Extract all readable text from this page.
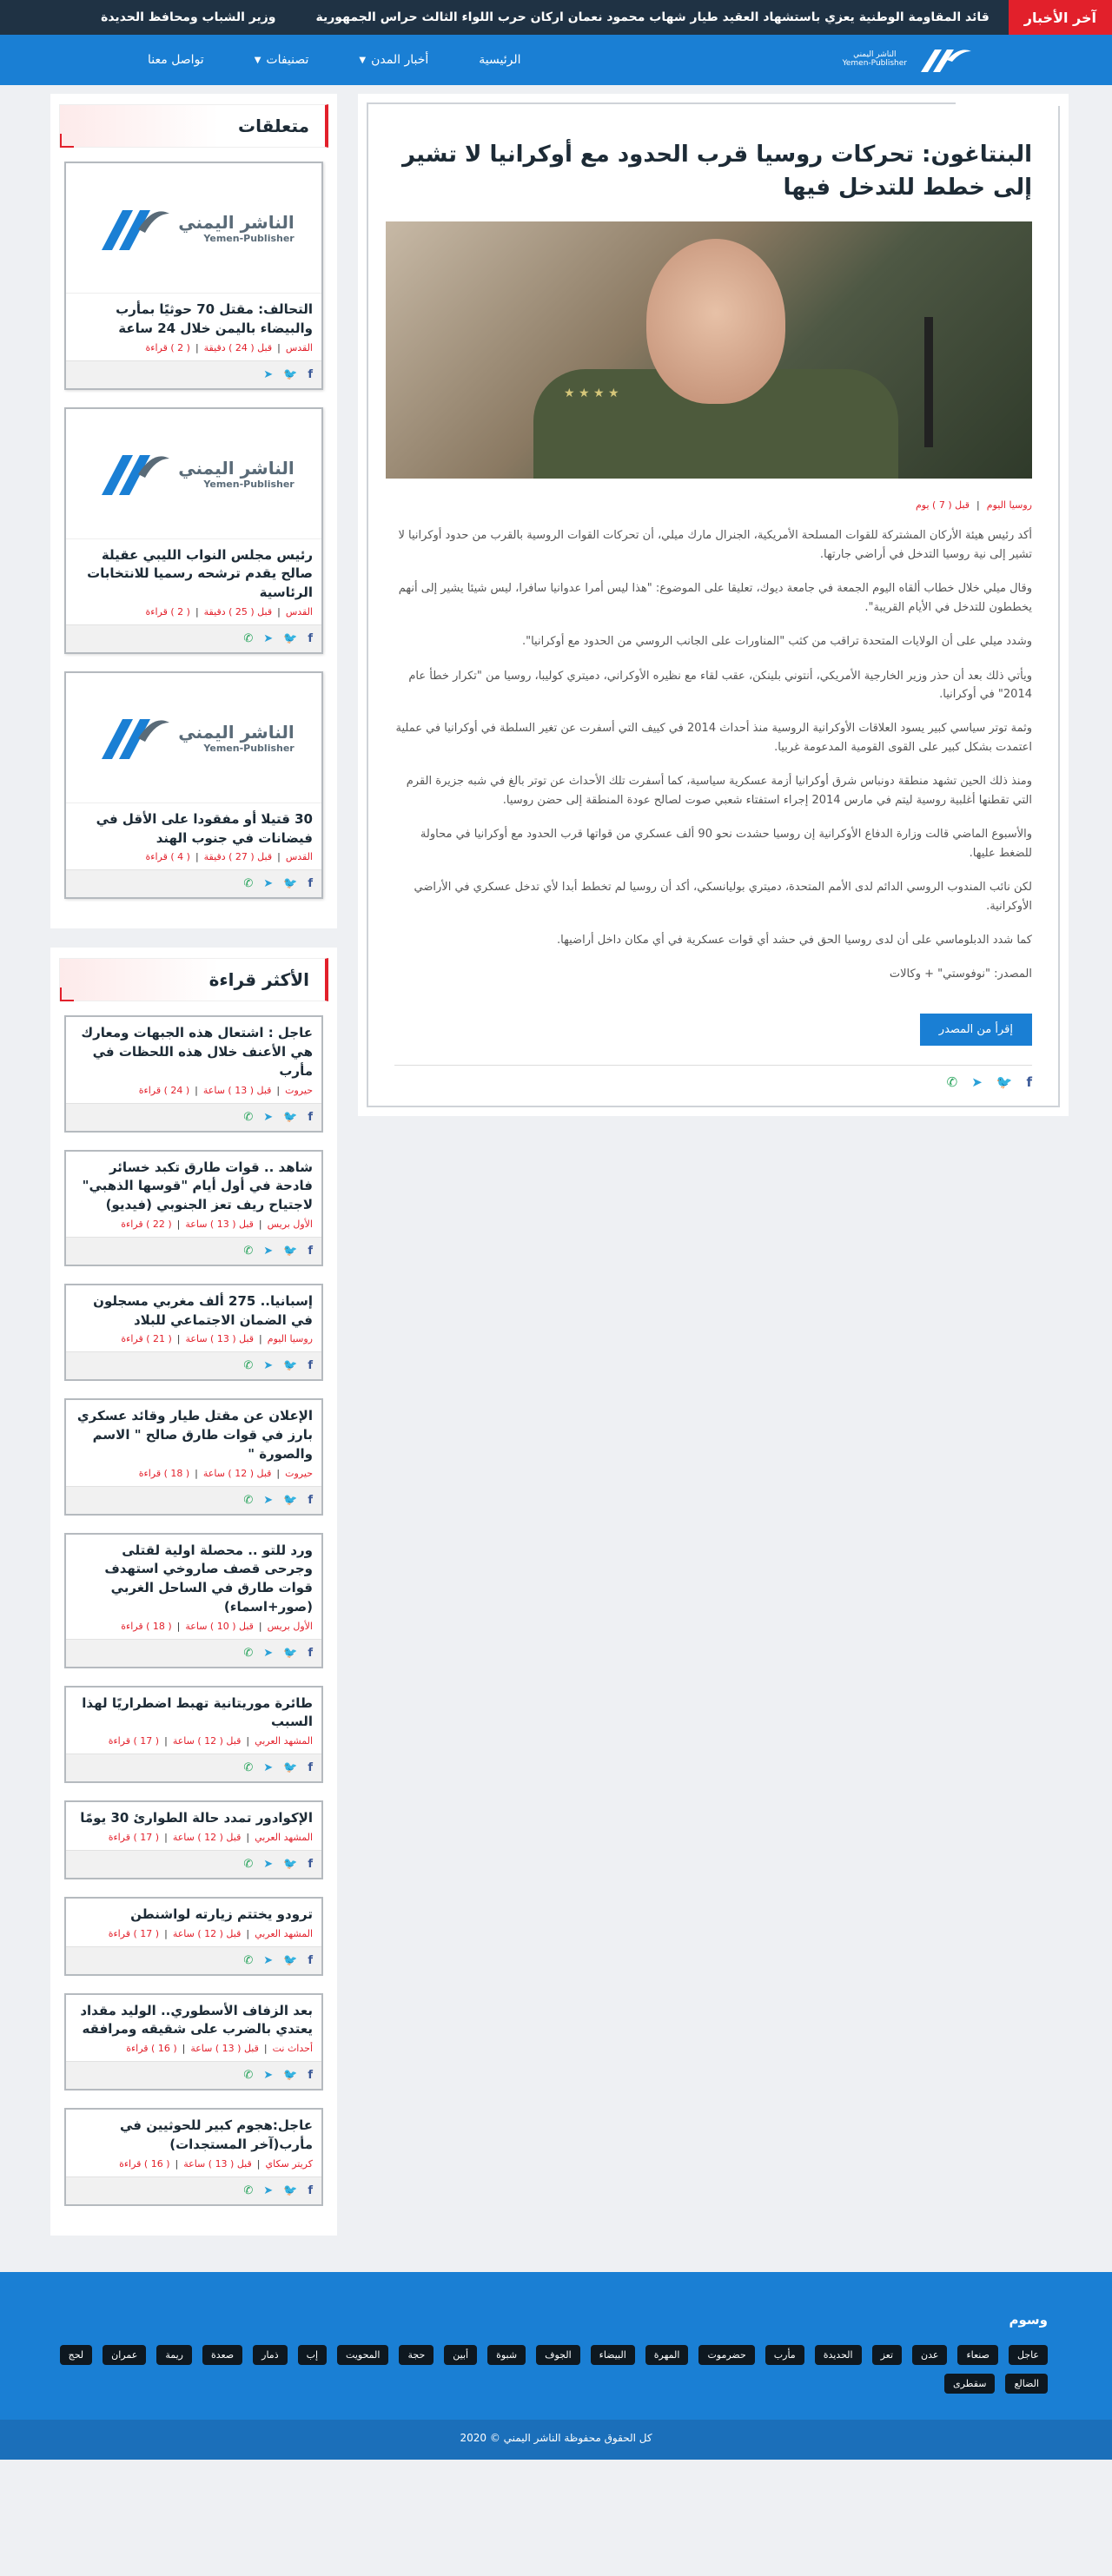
آخر الأخبار
قائد المقاومة الوطنية يعزي باستشهاد العقيد طيار شهاب محمود نعمان اركان حرب اللواء الثالث حراس الجمهورية
وزير الشباب ومحافظ الحديدة
الناشر اليمني
Yemen-Publisher
الرئيسية
أخبار المدن
▼
تصنيفات
▼
تواصل معنا
البنتاغون: تحركات روسيا قرب الحدود مع أوكرانيا لا تشير إلى خطط للتدخل فيها
★ ★ ★ ★
روسيا اليوم
|
قبل ( 7 ) يوم

أكد رئيس هيئة الأركان المشتركة للقوات المسلحة الأمريكية، الجنرال مارك ميلي، أن تحركات القوات الروسية بالقرب من حدود أوكرانيا لا تشير إلى نية روسيا التدخل في أراضي جارتها.

وقال ميلي خلال خطاب ألقاه اليوم الجمعة في جامعة ديوك، تعليقا على الموضوع: "هذا ليس أمرا عدوانيا سافرا، ليس شيئا يشير إلى أنهم يخططون للتدخل في الأيام القريبة".

وشدد ميلي على أن الولايات المتحدة تراقب من كثب "المناورات على الجانب الروسي من الحدود مع أوكرانيا".

ويأتي ذلك بعد أن حذر وزير الخارجية الأمريكي، أنتوني بلينكن، عقب لقاء مع نظيره الأوكراني، دميتري كوليبا، روسيا من "تكرار خطأ عام 2014" في أوكرانيا.

وثمة توتر سياسي كبير يسود العلاقات الأوكرانية الروسية منذ أحداث 2014 في كييف التي أسفرت عن تغير السلطة في أوكرانيا في عملية اعتمدت بشكل كبير على القوى القومية المدعومة غربيا.

ومنذ ذلك الحين تشهد منطقة دونباس شرق أوكرانيا أزمة عسكرية سياسية، كما أسفرت تلك الأحداث عن توتر بالغ في شبه جزيرة القرم التي تقطنها أغلبية روسية ليتم في مارس 2014 إجراء استفتاء شعبي صوت لصالح عودة المنطقة إلى حضن روسيا.

والأسبوع الماضي قالت وزارة الدفاع الأوكرانية إن روسيا حشدت نحو 90 ألف عسكري من قواتها قرب الحدود مع أوكرانيا في محاولة للضغط عليها.

لكن نائب المندوب الروسي الدائم لدى الأمم المتحدة، دميتري بوليانسكي، أكد أن روسيا لم تخطط أبدا لأي تدخل عسكري في الأراضي الأوكرانية.

كما شدد الدبلوماسي على أن لدى روسيا الحق في حشد أي قوات عسكرية في أي مكان داخل أراضيها.

المصدر: "نوفوستي" + وكالات

إقرأ من المصدر
f
🐦
➤
✆
متعلقات
الناشر اليمني
Yemen-Publisher
التحالف: مقتل 70 حوثيًا بمأرب والبيضاء باليمن خلال 24 ساعة
القدس
|
قبل ( 24 ) دقيقة
|
( 2 ) قراءة
f
🐦
➤
الناشر اليمني
Yemen-Publisher
رئيس مجلس النواب الليبي عقيلة صالح يقدم ترشحه رسميا للانتخابات الرئاسية
القدس
|
قبل ( 25 ) دقيقة
|
( 2 ) قراءة
f
🐦
➤
✆
الناشر اليمني
Yemen-Publisher
30 قتيلا أو مفقودا على الأقل في فيضانات في جنوب الهند
القدس
|
قبل ( 27 ) دقيقة
|
( 4 ) قراءة
f
🐦
➤
✆
الأكثر قراءة
عاجل : اشتعال هذه الجبهات ومعارك هي الأعنف خلال هذه اللحظات في مأرب
حيروت
|
قبل ( 13 ) ساعة
|
( 24 ) قراءة
f
🐦
➤
✆
شاهد .. قوات طارق تكبد خسائر فادحة في أول أيام "قوسها الذهبي" لاجتياح ريف تعز الجنوبي (فيديو)
الأول بريس
|
قبل ( 13 ) ساعة
|
( 22 ) قراءة
f
🐦
➤
✆
إسبانيا.. 275 ألف مغربي مسجلون في الضمان الاجتماعي للبلاد
روسيا اليوم
|
قبل ( 13 ) ساعة
|
( 21 ) قراءة
f
🐦
➤
✆
الإعلان عن مقتل طيار وقائد عسكري بارز في قوات طارق صالح " الاسم والصورة "
حيروت
|
قبل ( 12 ) ساعة
|
( 18 ) قراءة
f
🐦
➤
✆
ورد للتو .. محصلة اولية لقتلى وجرحى قصف صاروخي استهدف قوات طارق في الساحل الغربي (صور+اسماء)
الأول بريس
|
قبل ( 10 ) ساعة
|
( 18 ) قراءة
f
🐦
➤
✆
طائرة موريتانية تهبط اضطراريًا لهذا السبب
المشهد العربي
|
قبل ( 12 ) ساعة
|
( 17 ) قراءة
f
🐦
➤
✆
الإكوادور تمدد حالة الطوارئ 30 يومًا
المشهد العربي
|
قبل ( 12 ) ساعة
|
( 17 ) قراءة
f
🐦
➤
✆
ترودو يختتم زيارته لواشنطن
المشهد العربي
|
قبل ( 12 ) ساعة
|
( 17 ) قراءة
f
🐦
➤
✆
بعد الزفاف الأسطوري.. الوليد مقداد يعتدي بالضرب على شقيقه ومرافقه
أحداث نت
|
قبل ( 13 ) ساعة
|
( 16 ) قراءة
f
🐦
➤
✆
عاجل:هجوم كبير للحوثيين في مأرب(آخر المستجدات)
كريتر سكاي
|
قبل ( 13 ) ساعة
|
( 16 ) قراءة
f
🐦
➤
✆
وسوم
عاجل
صنعاء
عدن
تعز
الحديدة
مأرب
حضرموت
المهرة
البيضاء
الجوف
شبوة
أبين
حجة
المحويت
إب
ذمار
صعدة
ريمة
عمران
لحج
الضالع
سقطرى
كل الحقوق محفوظة الناشر اليمني © 2020
